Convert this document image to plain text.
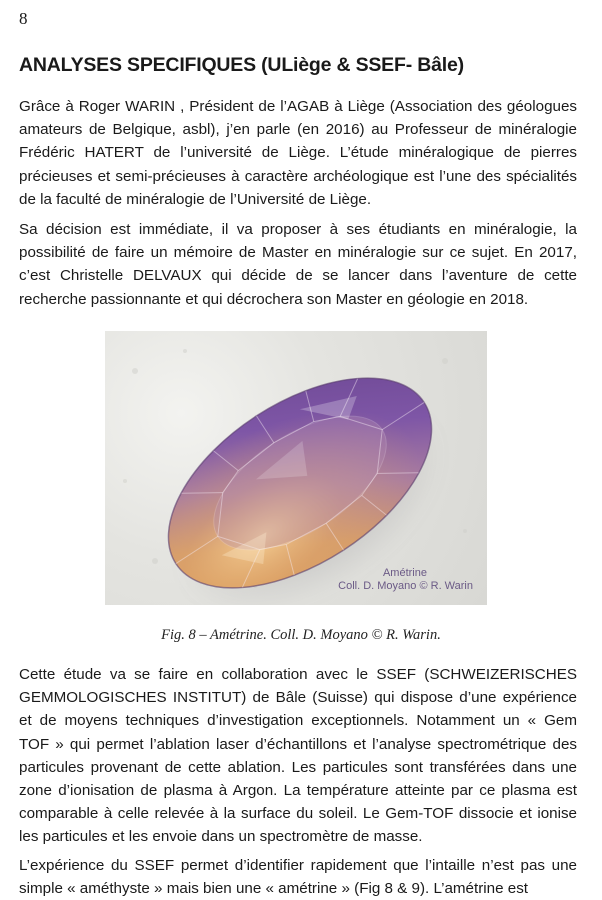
8
ANALYSES SPECIFIQUES (ULiège & SSEF- Bâle)

Grâce à Roger WARIN , Président de l’AGAB à Liège (Association des géologues amateurs de Belgique, asbl), j’en parle (en 2016) au Professeur de minéralogie Frédéric HATERT de l’université de Liège. L’étude minéralogique de pierres précieuses et semi-précieuses à caractère archéologique est l’une des spécialités de la faculté de minéralogie de l’Université de Liège.

Sa décision est immédiate, il va proposer à ses étudiants en minéralogie, la possibilité de faire un mémoire de Master en minéralogie sur ce sujet. En 2017, c’est Christelle DELVAUX qui décide de se lancer dans l’aventure de cette recherche passionnante et qui décrochera son Master en géologie en 2018.

Amétrine
Coll. D. Moyano © R. Warin
Fig. 8 – Amétrine. Coll. D. Moyano © R. Warin.

Cette étude va se faire en collaboration avec le SSEF (SCHWEIZERISCHES GEMMOLOGISCHES INSTITUT) de Bâle (Suisse) qui dispose d’une expérience et de moyens techniques d’investigation exceptionnels. Notamment un « Gem TOF » qui permet l’ablation laser d’échantillons et l’analyse spectrométrique des particules provenant de cette ablation. Les particules sont transférées dans une zone d’ionisation de plasma à Argon. La température atteinte par ce plasma est comparable à celle relevée à la surface du soleil. Le Gem-TOF dissocie et ionise les particules et les envoie dans un spectromètre de masse.

L’expérience du SSEF permet d’identifier rapidement que l’intaille n’est pas une simple « améthyste » mais bien une « amétrine » (Fig 8 & 9). L’amétrine est
